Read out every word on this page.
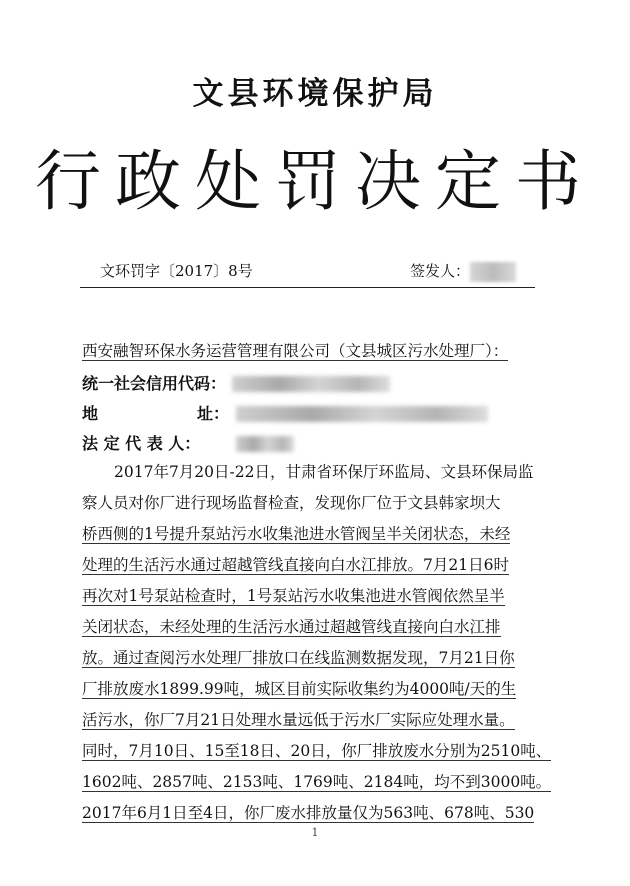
文县环境保护局
行政处罚决定书
文环罚字〔2017〕8号	签发人：
西安融智环保水务运营管理有限公司（文县城区污水处理厂）：
统一社会信用代码：
地	址：
法 定 代 表 人：
2017年7月20日-22日，甘肃省环保厅环监局、文县环保局监
察人员对你厂进行现场监督检查，发现你厂位于文县韩家坝大
桥西侧的1号提升泵站污水收集池进水管阀呈半关闭状态，未经
处理的生活污水通过超越管线直接向白水江排放。7月21日6时
再次对1号泵站检查时，1号泵站污水收集池进水管阀依然呈半
关闭状态，未经处理的生活污水通过超越管线直接向白水江排
放。通过查阅污水处理厂排放口在线监测数据发现，7月21日你
厂排放废水1899.99吨，城区目前实际收集约为4000吨/天的生
活污水，你厂7月21日处理水量远低于污水厂实际应处理水量。
同时，7月10日、15至18日、20日，你厂排放废水分别为2510吨、
1602吨、2857吨、2153吨、1769吨、2184吨，均不到3000吨。
2017年6月1日至4日，你厂废水排放量仅为563吨、678吨、530
1
